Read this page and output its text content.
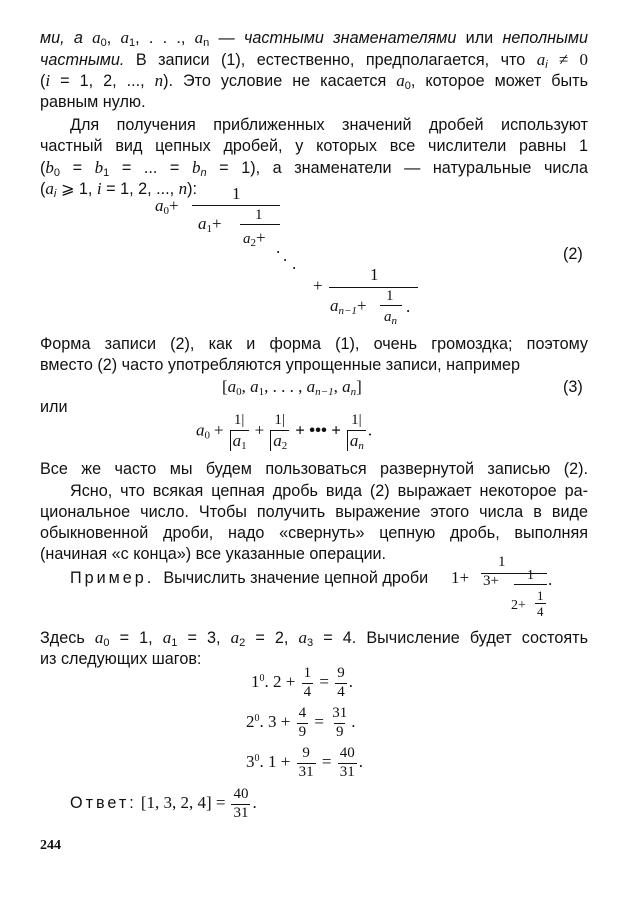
ми, а $a_0$, $a_1$, . . ., $a_n$ — частными знаменателями или неполными
частными. В записи (1), естественно, предполагается, что $a_i \ne 0$
(i = 1, 2, ..., n). Это условие не касается $a_0$, которое может быть
равным нулю.
Для получения приближенных значений дробей используют
частный вид цепных дробей, у которых все числители равны 1
($b_0 = b_1$ = ... = $b_n = 1$), а знаменатели — натуральные числа
($a_i$ ⩾ 1, i = 1, 2, ..., n):
$a_0+$
1
$a_1+ 1$
$a_2+$
. . .
+
1
$a_{n-1}+ 1$
$a_n$
.
(2)
Форма записи (2), как и форма (1), очень громоздка; поэтому
вместо (2) часто употребляются упрощенные записи, например
[$a_0$, $a_1$, . . . , $a_{n-1}$, $a_n$]	(3)
или
$a_0 + \frac{1|}{a_1} + \frac{1|}{a_2}$ + ••• + $\frac{1|}{a_n}$ .
Все же часто мы будем пользоваться развернутой записью (2).
Ясно, что всякая цепная дробь вида (2) выражает некоторое ра-
циональное число. Чтобы получить выражение этого числа в виде
обыкновенной дроби, надо «свернуть» цепную дробь, выполняя
(начиная «с конца») все указанные операции.
Пример. Вычислить значение цепной дроби 1+
1
3+ 1
2+
1
4
.
Здесь $a_0 = 1$, $a_1 = 3$, $a_2 = 2$, $a_3 = 4$. Вычисление будет состоять
из следующих шагов:
$1^0$. $2 + \frac{1}{4} = \frac{9}{4}$ .
$2^0$. $3 + \frac{4}{9} = \frac{31}{9}$ .
$3^0$. $1 + \frac{9}{31} = \frac{40}{31}$ .
Ответ: [1, 3, 2, $4] = \frac{40}{31}$ .
244
